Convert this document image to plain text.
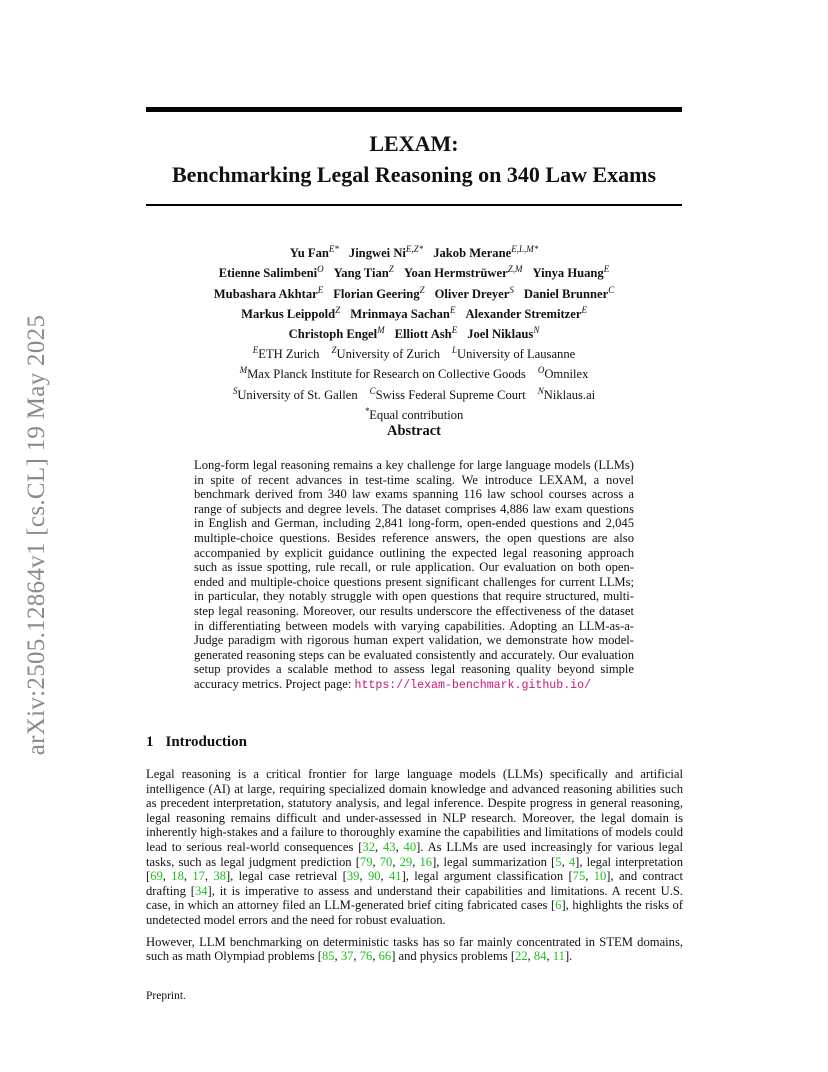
arXiv:2505.12864v1 [cs.CL] 19 May 2025
LEXAM:
Benchmarking Legal Reasoning on 340 Law Exams
Yu Fan$^{E*}$ Jingwei $Ni^{E,Z*}$ Jakob Merane$^{E,L,M*}$
Etienne Salimbeni$^O$ Yang Tian$^Z$ Yoan Hermstrüwer$^{Z,M}$ Yinya Huang$^E$
Mubashara Akhtar$^E$ Florian Geering$^Z$ Oliver Dreyer$^S$ Daniel Brunner$^C$
Markus Leippold$^Z$ Mrinmaya Sachan$^E$ Alexander Stremitzer$^E$
Christoph Engel$^M$ Elliott Ash$^E$ Joel Niklaus$^N$
$^E$ETH Zurich $^Z$University of Zurich $^L$University of Lausanne
$^M$Max Planck Institute for Research on Collective Goods $^O$Omnilex
$^S$University of St. Gallen $^C$Swiss Federal Supreme Court $^N$Niklaus.ai
*Equal contribution
Abstract
Long-form legal reasoning remains a key challenge for large language models (LLMs) in spite of recent advances in test-time scaling. We introduce LEXAM, a novel benchmark derived from 340 law exams spanning 116 law school courses across a range of subjects and degree levels. The dataset comprises 4,886 law exam questions in English and German, including 2,841 long-form, open-ended questions and 2,045 multiple-choice questions. Besides reference answers, the open questions are also accompanied by explicit guidance outlining the expected legal reasoning approach such as issue spotting, rule recall, or rule application. Our evaluation on both open-ended and multiple-choice questions present significant challenges for current LLMs; in particular, they notably struggle with open questions that require structured, multi-step legal reasoning. Moreover, our results underscore the effectiveness of the dataset in differentiating between models with varying capabilities. Adopting an LLM-as-a-Judge paradigm with rigorous human expert validation, we demonstrate how model-generated reasoning steps can be evaluated consistently and accurately. Our evaluation setup provides a scalable method to assess legal reasoning quality beyond simple accuracy metrics. Project page: https://lexam-benchmark.github.io/
1 Introduction

Legal reasoning is a critical frontier for large language models (LLMs) specifically and artificial intelligence (AI) at large, requiring specialized domain knowledge and advanced reasoning abilities such as precedent interpretation, statutory analysis, and legal inference. Despite progress in general reasoning, legal reasoning remains difficult and under-assessed in NLP research. Moreover, the legal domain is inherently high-stakes and a failure to thoroughly examine the capabilities and limitations of models could lead to serious real-world consequences [32, 43, 40]. As LLMs are used increasingly for various legal tasks, such as legal judgment prediction [79, 70, 29, 16], legal summarization [5, 4], legal interpretation [69, 18, 17, 38], legal case retrieval [39, 90, 41], legal argument classification [75, 10], and contract drafting [34], it is imperative to assess and understand their capabilities and limitations. A recent U.S. case, in which an attorney filed an LLM-generated brief citing fabricated cases [6], highlights the risks of undetected model errors and the need for robust evaluation.

However, LLM benchmarking on deterministic tasks has so far mainly concentrated in STEM domains, such as math Olympiad problems [85, 37, 76, 66] and physics problems [22, 84, 11].

Preprint.
